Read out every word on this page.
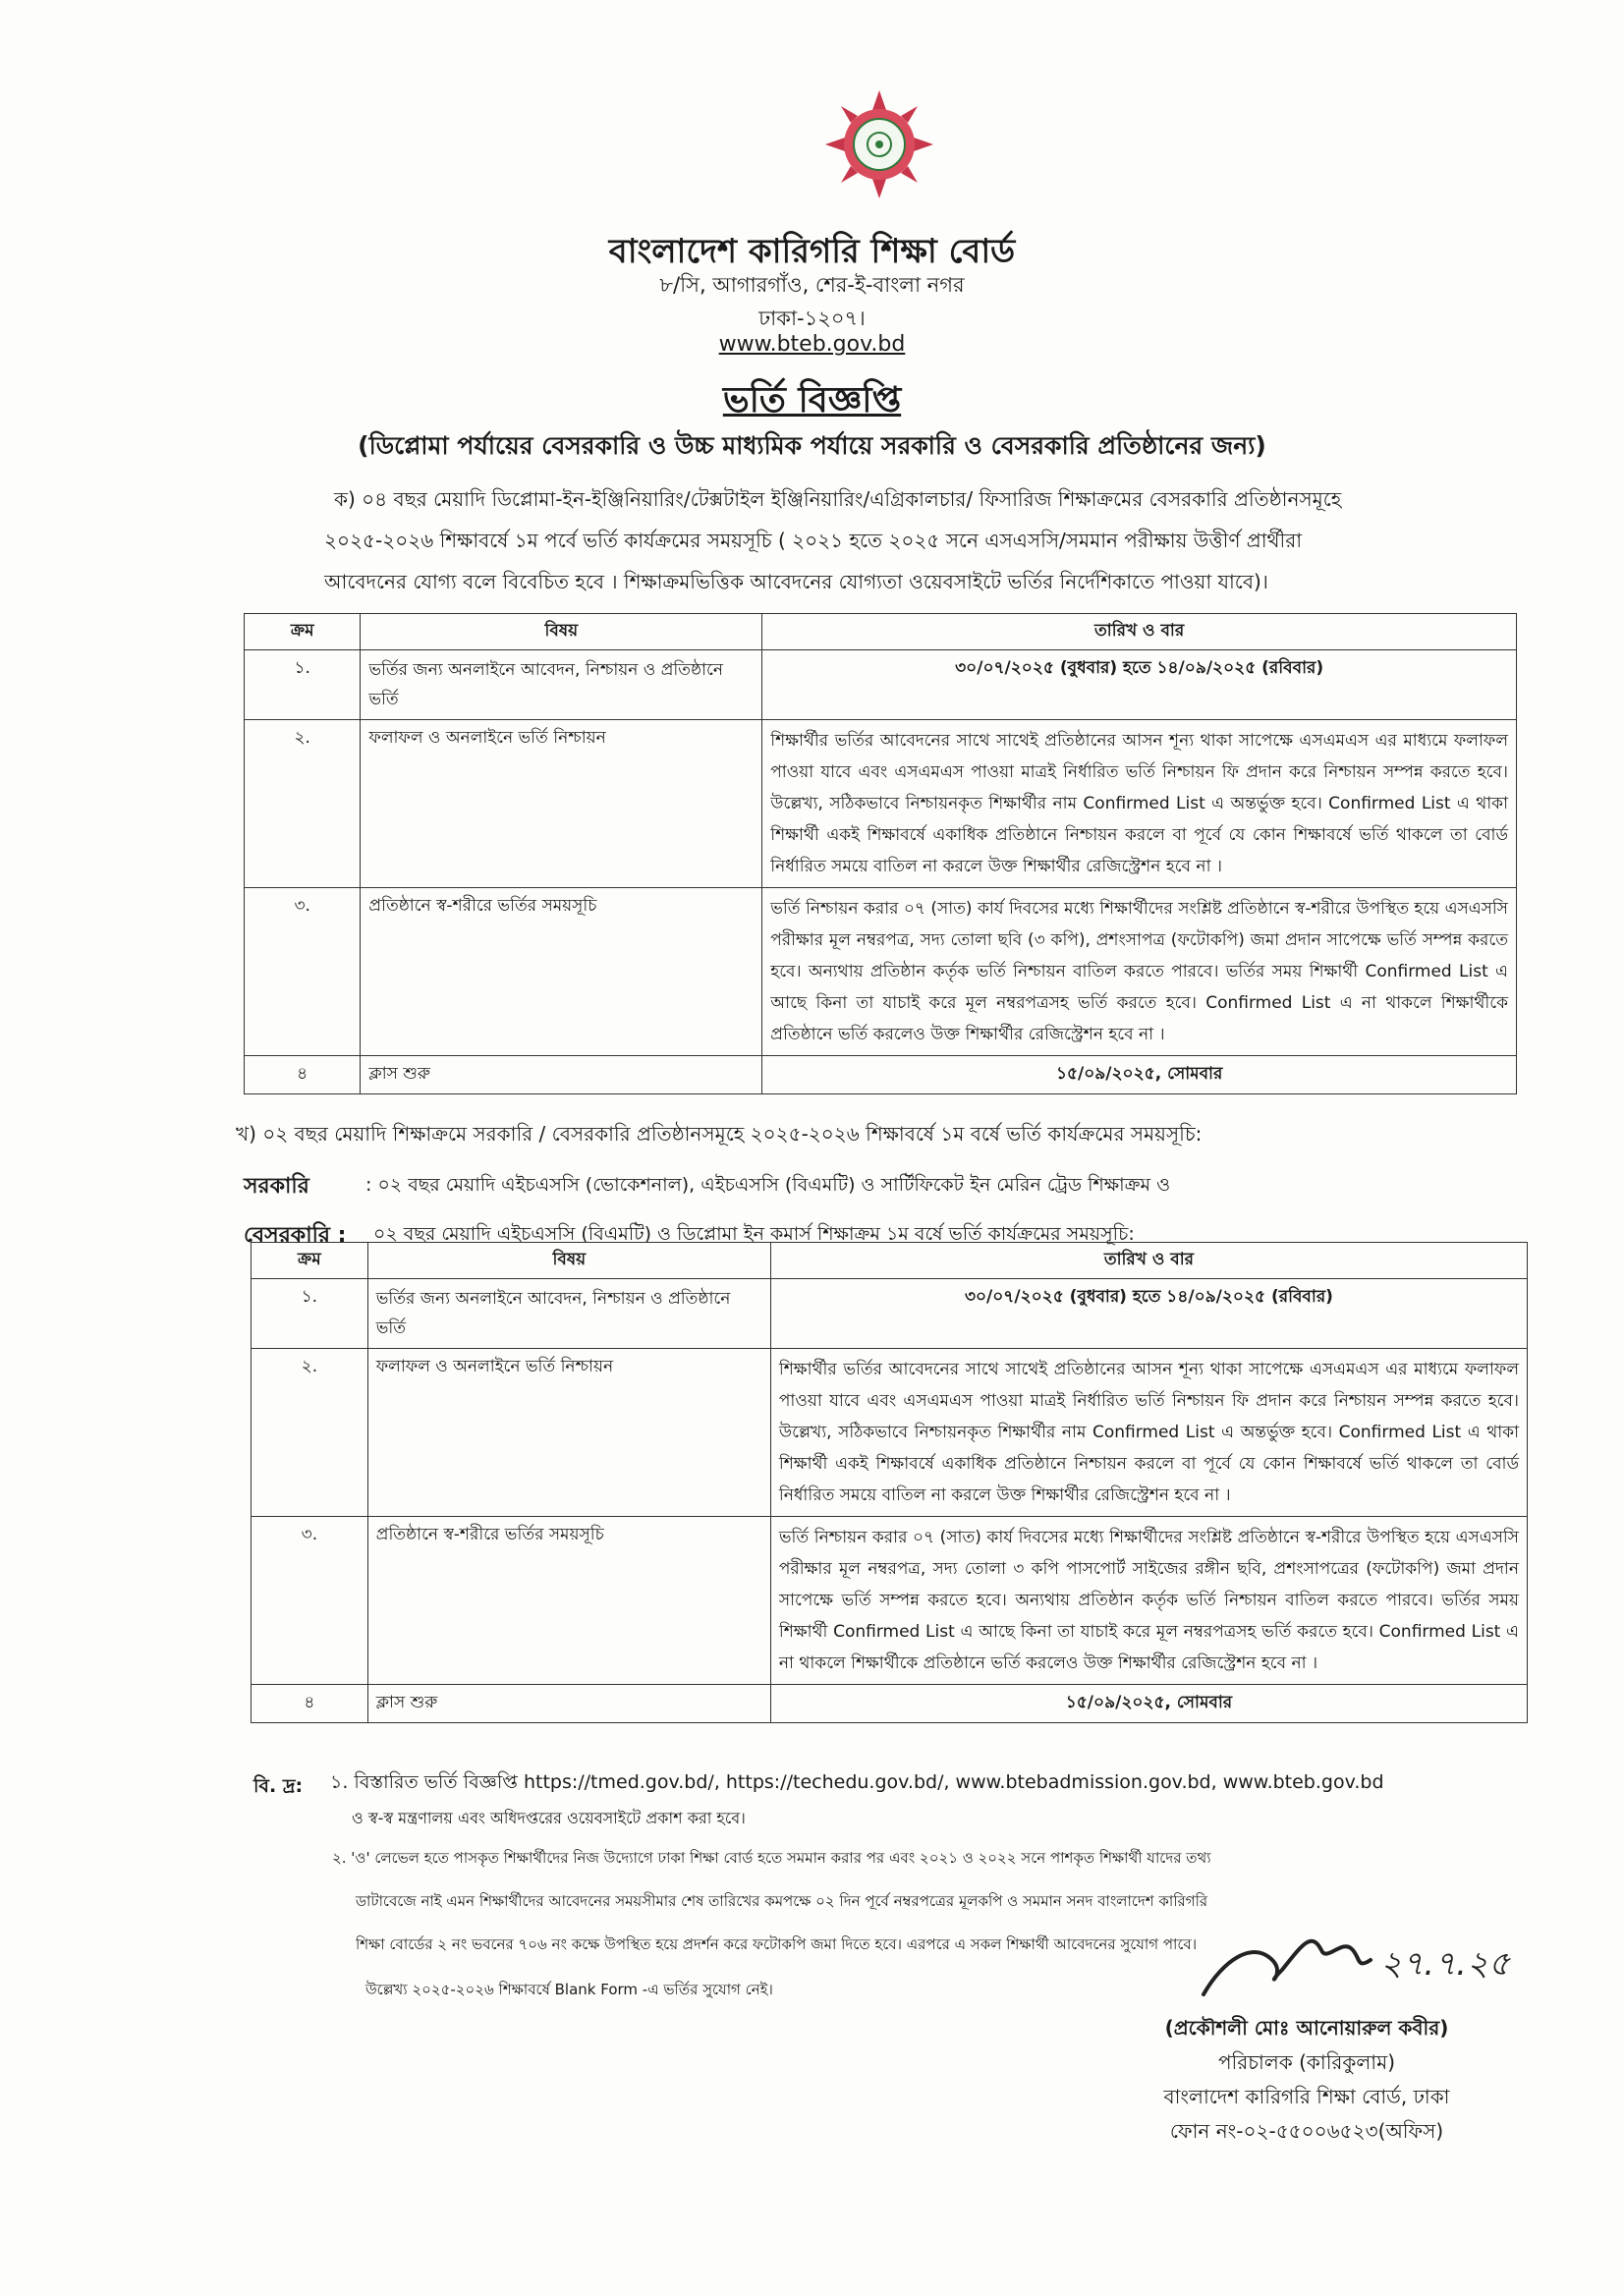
বাংলাদেশ কারিগরি শিক্ষা বোর্ড
৮/সি, আগারগাঁও, শের-ই-বাংলা নগর
ঢাকা-১২০৭।
www.bteb.gov.bd
ভর্তি বিজ্ঞপ্তি
(ডিপ্লোমা পর্যায়ের বেসরকারি ও উচ্চ মাধ্যমিক পর্যায়ে সরকারি ও বেসরকারি প্রতিষ্ঠানের জন্য)
ক) ০৪ বছর মেয়াদি ডিপ্লোমা-ইন-ইঞ্জিনিয়ারিং/টেক্সটাইল ইঞ্জিনিয়ারিং/এগ্রিকালচার/ ফিসারিজ শিক্ষাক্রমের বেসরকারি প্রতিষ্ঠানসমূহে
২০২৫-২০২৬ শিক্ষাবর্ষে ১ম পর্বে ভর্তি কার্যক্রমের সময়সূচি ( ২০২১ হতে ২০২৫ সনে এসএসসি/সমমান পরীক্ষায় উত্তীর্ণ প্রার্থীরা
আবেদনের যোগ্য বলে বিবেচিত হবে । শিক্ষাক্রমভিত্তিক আবেদনের যোগ্যতা ওয়েবসাইটে ভর্তির নির্দেশিকাতে পাওয়া যাবে)।
ক্রম	বিষয়	তারিখ ও বার
১.	ভর্তির জন্য অনলাইনে আবেদন, নিশ্চায়ন ও প্রতিষ্ঠানে ভর্তি	৩০/০৭/২০২৫ (বুধবার) হতে ১৪/০৯/২০২৫ (রবিবার)
২.	ফলাফল ও অনলাইনে ভর্তি নিশ্চায়ন	শিক্ষার্থীর ভর্তির আবেদনের সাথে সাথেই প্রতিষ্ঠানের আসন শূন্য থাকা সাপেক্ষে এসএমএস এর মাধ্যমে ফলাফল পাওয়া যাবে এবং এসএমএস পাওয়া মাত্রই নির্ধারিত ভর্তি নিশ্চায়ন ফি প্রদান করে নিশ্চায়ন সম্পন্ন করতে হবে। উল্লেখ্য, সঠিকভাবে নিশ্চায়নকৃত শিক্ষার্থীর নাম Confirmed List এ অন্তর্ভুক্ত হবে। Confirmed List এ থাকা শিক্ষার্থী একই শিক্ষাবর্ষে একাধিক প্রতিষ্ঠানে নিশ্চায়ন করলে বা পূর্বে যে কোন শিক্ষাবর্ষে ভর্তি থাকলে তা বোর্ড নির্ধারিত সময়ে বাতিল না করলে উক্ত শিক্ষার্থীর রেজিস্ট্রেশন হবে না ।
৩.	প্রতিষ্ঠানে স্ব-শরীরে ভর্তির সময়সূচি	ভর্তি নিশ্চায়ন করার ০৭ (সাত) কার্য দিবসের মধ্যে শিক্ষার্থীদের সংশ্লিষ্ট প্রতিষ্ঠানে স্ব-শরীরে উপস্থিত হয়ে এসএসসি পরীক্ষার মূল নম্বরপত্র, সদ্য তোলা ছবি (৩ কপি), প্রশংসাপত্র (ফটোকপি) জমা প্রদান সাপেক্ষে ভর্তি সম্পন্ন করতে হবে। অন্যথায় প্রতিষ্ঠান কর্তৃক ভর্তি নিশ্চায়ন বাতিল করতে পারবে। ভর্তির সময় শিক্ষার্থী Confirmed List এ আছে কিনা তা যাচাই করে মূল নম্বরপত্রসহ ভর্তি করতে হবে। Confirmed List এ না থাকলে শিক্ষার্থীকে প্রতিষ্ঠানে ভর্তি করলেও উক্ত শিক্ষার্থীর রেজিস্ট্রেশন হবে না ।
৪	ক্লাস শুরু	১৫/০৯/২০২৫, সোমবার
খ) ০২ বছর মেয়াদি শিক্ষাক্রমে সরকারি / বেসরকারি প্রতিষ্ঠানসমূহে ২০২৫-২০২৬ শিক্ষাবর্ষে ১ম বর্ষে ভর্তি কার্যক্রমের সময়সূচি:
সরকারি	: ০২ বছর মেয়াদি এইচএসসি (ভোকেশনাল), এইচএসসি (বিএমটি) ও সার্টিফিকেট ইন মেরিন ট্রেড শিক্ষাক্রম ও
বেসরকারি : ০২ বছর মেয়াদি এইচএসসি (বিএমটি) ও ডিপ্লোমা ইন কমার্স শিক্ষাক্রম ১ম বর্ষে ভর্তি কার্যক্রমের সময়সূচি:
ক্রম	বিষয়	তারিখ ও বার
১.	ভর্তির জন্য অনলাইনে আবেদন, নিশ্চায়ন ও প্রতিষ্ঠানে ভর্তি	৩০/০৭/২০২৫ (বুধবার) হতে ১৪/০৯/২০২৫ (রবিবার)
২.	ফলাফল ও অনলাইনে ভর্তি নিশ্চায়ন	শিক্ষার্থীর ভর্তির আবেদনের সাথে সাথেই প্রতিষ্ঠানের আসন শূন্য থাকা সাপেক্ষে এসএমএস এর মাধ্যমে ফলাফল পাওয়া যাবে এবং এসএমএস পাওয়া মাত্রই নির্ধারিত ভর্তি নিশ্চায়ন ফি প্রদান করে নিশ্চায়ন সম্পন্ন করতে হবে। উল্লেখ্য, সঠিকভাবে নিশ্চায়নকৃত শিক্ষার্থীর নাম Confirmed List এ অন্তর্ভুক্ত হবে। Confirmed List এ থাকা শিক্ষার্থী একই শিক্ষাবর্ষে একাধিক প্রতিষ্ঠানে নিশ্চায়ন করলে বা পূর্বে যে কোন শিক্ষাবর্ষে ভর্তি থাকলে তা বোর্ড নির্ধারিত সময়ে বাতিল না করলে উক্ত শিক্ষার্থীর রেজিস্ট্রেশন হবে না ।
৩.	প্রতিষ্ঠানে স্ব-শরীরে ভর্তির সময়সূচি	ভর্তি নিশ্চায়ন করার ০৭ (সাত) কার্য দিবসের মধ্যে শিক্ষার্থীদের সংশ্লিষ্ট প্রতিষ্ঠানে স্ব-শরীরে উপস্থিত হয়ে এসএসসি পরীক্ষার মূল নম্বরপত্র, সদ্য তোলা ৩ কপি পাসপোর্ট সাইজের রঙ্গীন ছবি, প্রশংসাপত্রের (ফটোকপি) জমা প্রদান সাপেক্ষে ভর্তি সম্পন্ন করতে হবে। অন্যথায় প্রতিষ্ঠান কর্তৃক ভর্তি নিশ্চায়ন বাতিল করতে পারবে। ভর্তির সময় শিক্ষার্থী Confirmed List এ আছে কিনা তা যাচাই করে মূল নম্বরপত্রসহ ভর্তি করতে হবে। Confirmed List এ না থাকলে শিক্ষার্থীকে প্রতিষ্ঠানে ভর্তি করলেও উক্ত শিক্ষার্থীর রেজিস্ট্রেশন হবে না ।
৪	ক্লাস শুরু	১৫/০৯/২০২৫, সোমবার
বি. দ্র: ১. বিস্তারিত ভর্তি বিজ্ঞপ্তি https://tmed.gov.bd/, https://techedu.gov.bd/, www.btebadmission.gov.bd, www.bteb.gov.bd
ও স্ব-স্ব মন্ত্রণালয় এবং অধিদপ্তরের ওয়েবসাইটে প্রকাশ করা হবে।
২. 'ও' লেভেল হতে পাসকৃত শিক্ষার্থীদের নিজ উদ্যোগে ঢাকা শিক্ষা বোর্ড হতে সমমান করার পর এবং ২০২১ ও ২০২২ সনে পাশকৃত শিক্ষার্থী যাদের তথ্য
ডাটাবেজে নাই এমন শিক্ষার্থীদের আবেদনের সময়সীমার শেষ তারিখের কমপক্ষে ০২ দিন পূর্বে নম্বরপত্রের মূলকপি ও সমমান সনদ বাংলাদেশ কারিগরি
শিক্ষা বোর্ডের ২ নং ভবনের ৭০৬ নং কক্ষে উপস্থিত হয়ে প্রদর্শন করে ফটোকপি জমা দিতে হবে। এরপরে এ সকল শিক্ষার্থী আবেদনের সুযোগ পাবে।
উল্লেখ্য ২০২৫-২০২৬ শিক্ষাবর্ষে Blank Form -এ ভর্তির সুযোগ নেই।
২৭.৭.২৫
(প্রকৌশলী মোঃ আনোয়ারুল কবীর)
পরিচালক (কারিকুলাম)
বাংলাদেশ কারিগরি শিক্ষা বোর্ড, ঢাকা
ফোন নং-০২-৫৫০০৬৫২৩(অফিস)
